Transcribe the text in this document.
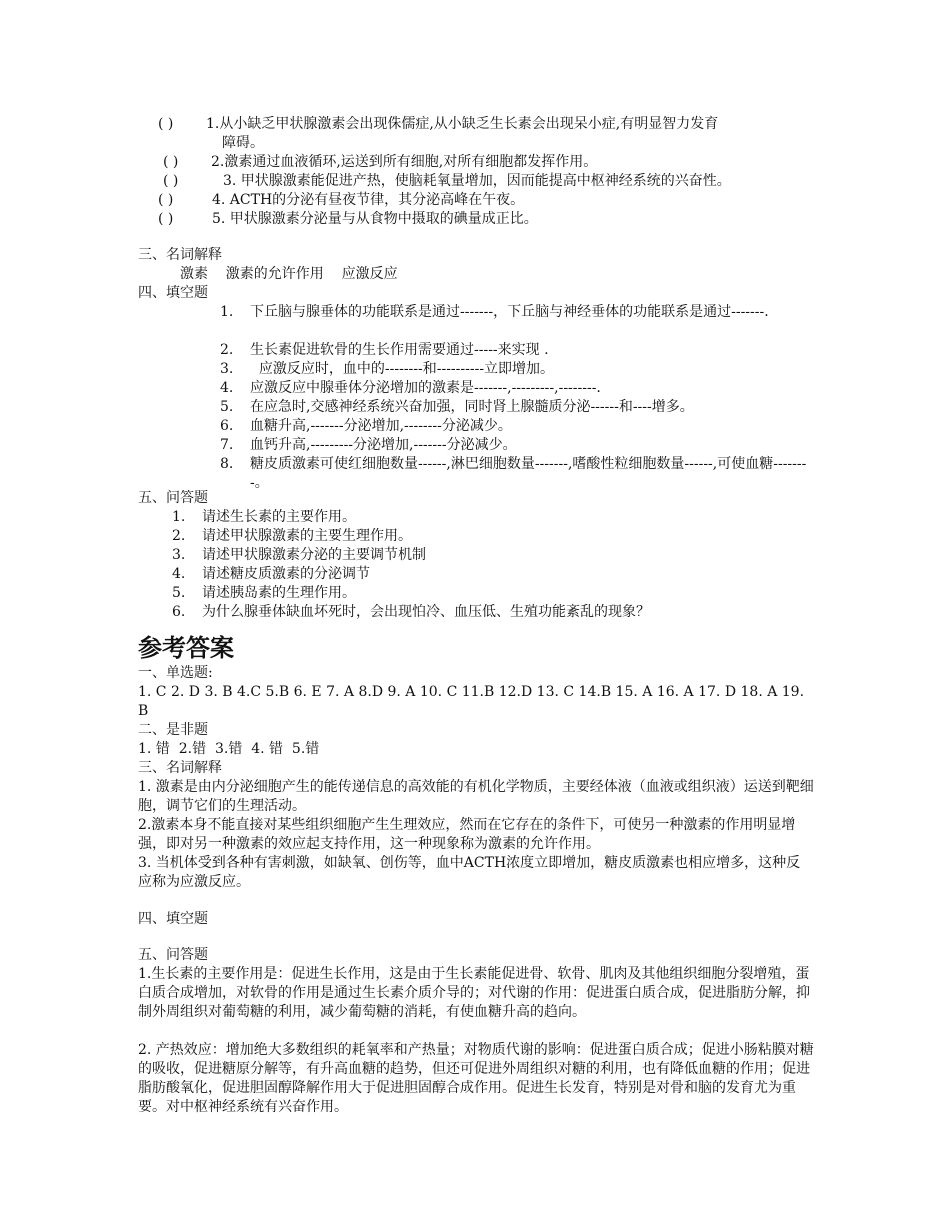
( ) 1.从小缺乏甲状腺激素会出现侏儒症,从小缺乏生长素会出现呆小症,有明显智力发育
障碍。
( ) 2.激素通过血液循环,运送到所有细胞,对所有细胞都发挥作用。
( )	3. 甲状腺激素能促进产热，使脑耗氧量增加，因而能提高中枢神经系统的兴奋性。
( )	4. ACTH的分泌有昼夜节律，其分泌高峰在午夜。
( )	5. 甲状腺激素分泌量与从食物中摄取的碘量成正比。
三、名词解释
激素    激素的允许作用    应激反应
四、填空题
1.	下丘脑与腺垂体的功能联系是通过-------，下丘脑与神经垂体的功能联系是通过-------.
2.	生长素促进软骨的生长作用需要通过-----来实现 .
3.	应激反应时，血中的--------和----------立即增加。
4.	应激反应中腺垂体分泌增加的激素是-------,---------,--------.
5.	在应急时,交感神经系统兴奋加强，同时肾上腺髓质分泌------和----增多。
6.	血糖升高,-------分泌增加,--------分泌减少。
7.	血钙升高,---------分泌增加,-------分泌减少。
8.	糖皮质激素可使红细胞数量------,淋巴细胞数量-------,嗜酸性粒细胞数量------,可使血糖--------。
五、问答题
1. 请述生长素的主要作用。
2. 请述甲状腺激素的主要生理作用。
3. 请述甲状腺激素分泌的主要调节机制
4. 请述糖皮质激素的分泌调节
5. 请述胰岛素的生理作用。
6. 为什么腺垂体缺血坏死时，会出现怕冷、血压低、生殖功能紊乱的现象？
参考答案
一、单选题:
1. C 2. D 3. B 4.C 5.B 6. E 7. A 8.D 9. A 10. C 11.B 12.D 13. C 14.B 15. A 16. A 17. D 18. A 19. B
二、是非题
1. 错  2.错  3.错  4. 错  5.错
三、名词解释
1. 激素是由内分泌细胞产生的能传递信息的高效能的有机化学物质，主要经体液（血液或组织液）运送到靶细胞，调节它们的生理活动。
2.激素本身不能直接对某些组织细胞产生生理效应，然而在它存在的条件下，可使另一种激素的作用明显增强，即对另一种激素的效应起支持作用，这一种现象称为激素的允许作用。
3. 当机体受到各种有害刺激，如缺氧、创伤等，血中ACTH浓度立即增加，糖皮质激素也相应增多，这种反应称为应激反应。
四、填空题
五、问答题
1.生长素的主要作用是：促进生长作用，这是由于生长素能促进骨、软骨、肌肉及其他组织细胞分裂增殖，蛋白质合成增加，对软骨的作用是通过生长素介质介导的；对代谢的作用：促进蛋白质合成，促进脂肪分解，抑制外周组织对葡萄糖的利用，减少葡萄糖的消耗，有使血糖升高的趋向。
2. 产热效应：增加绝大多数组织的耗氧率和产热量；对物质代谢的影响：促进蛋白质合成；促进小肠粘膜对糖的吸收，促进糖原分解等，有升高血糖的趋势，但还可促进外周组织对糖的利用，也有降低血糖的作用；促进脂肪酸氧化，促进胆固醇降解作用大于促进胆固醇合成作用。促进生长发育，特别是对骨和脑的发育尤为重要。对中枢神经系统有兴奋作用。
